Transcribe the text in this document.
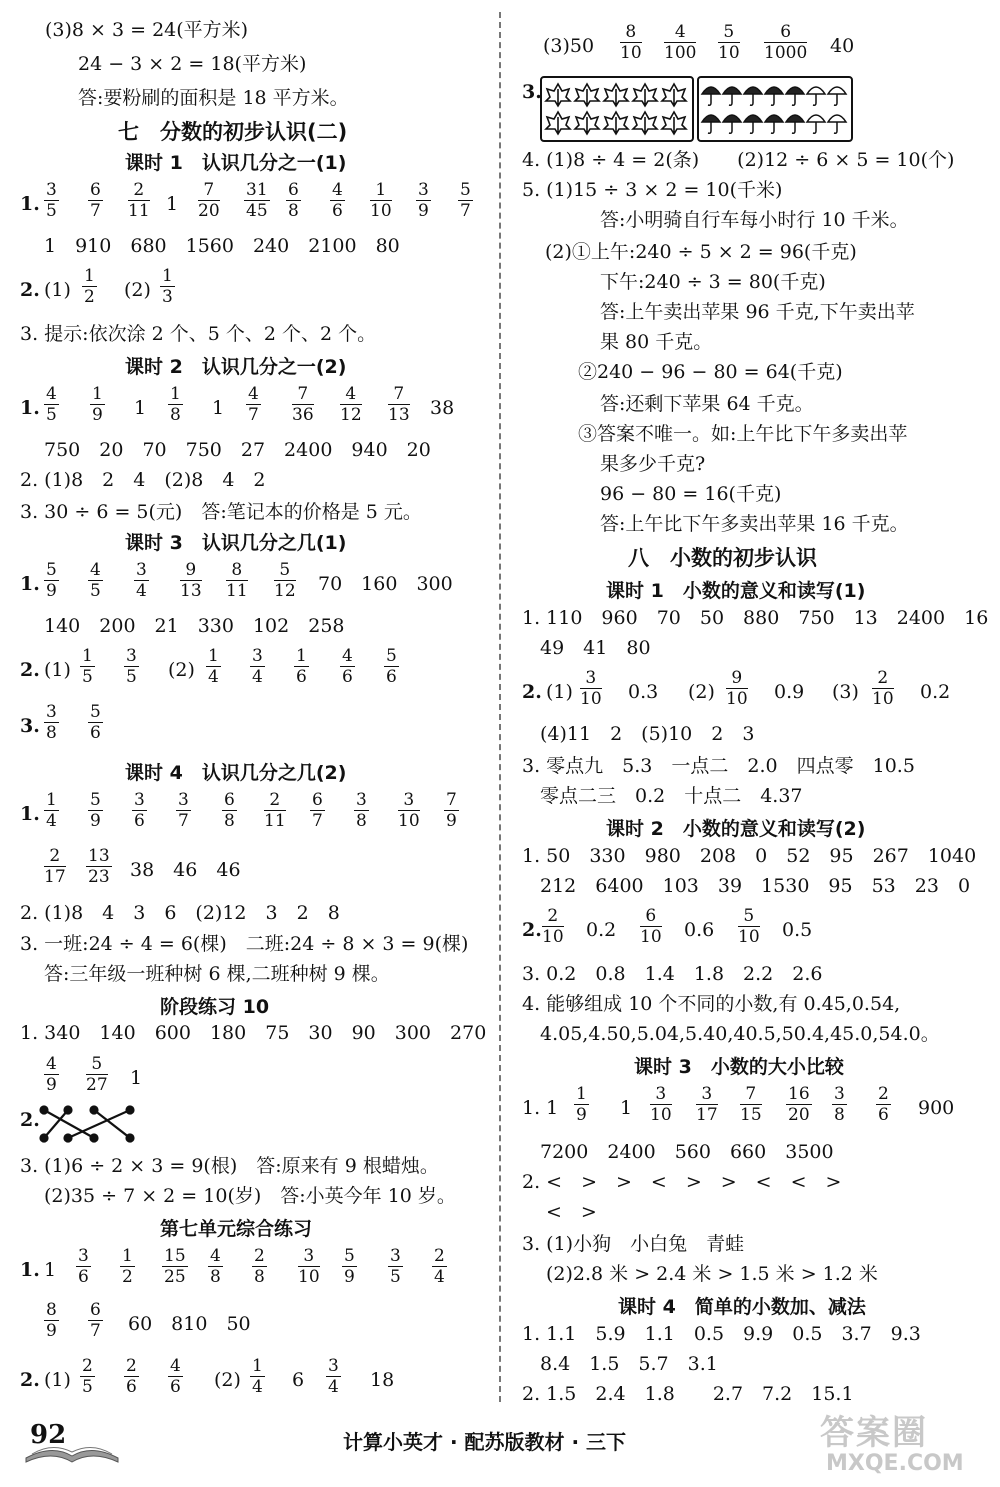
(3)8 × 3 = 24(平方米)
24 − 3 × 2 = 18(平方米)
答:要粉刷的面积是 18 平方米。
七　分数的初步认识(二)
课时 1　认识几分之一(1)
1. $\frac{3}{5} \frac{6}{7} \frac{2}{11}$	$\frac{7}{20} \frac{31}{45} \frac{6}{8} \frac{4}{6} \frac{1}{10} \frac{3}{9} \frac{5}{7}$
1
1　910　680　1560　240　2100　80
2. (1)	(2)
$\frac{1}{2}$	$\frac{1}{3}$
3. 提示:依次涂 2 个、5 个、2 个、2 个。
课时 2　认识几分之一(2)
1. $\frac{4}{5} \frac{1}{9}$	$\frac{1}{8}$	$\frac{4}{7} \frac{7}{36} \frac{4}{12} \frac{7}{13}$
1	1	38
750　20　70　750　27　2400　940　20
2. (1)8　2　4　(2)8　4　2
3. 30 ÷ 6 = 5(元)　答:笔记本的价格是 5 元。
课时 3　认识几分之几(1)
1. $\frac{5}{9} \frac{4}{5} \frac{3}{4} \frac{9}{13} \frac{8}{11} \frac{5}{12} 70$　160　300
140　200　21　330　102　258
2. (1)	(2)
$\frac{1}{5} \frac{3}{5}$	$\frac{1}{4} \frac{3}{4} \frac{1}{6} \frac{4}{6} \frac{5}{6}$
3. $\frac{3}{8} \frac{5}{6}$
课时 4　认识几分之几(2)
1. $\frac{1}{4} \frac{5}{9} \frac{3}{6} \frac{3}{7} \frac{6}{8} \frac{2}{11} \frac{6}{7} \frac{3}{8} \frac{3}{10} \frac{7}{9}$
$\frac{2}{17} \frac{13}{23} 38$　46　46
2. (1)8　4　3　6　(2)12　3　2　8
3. 一班:24 ÷ 4 = 6(棵)　二班:24 ÷ 8 × 3 = 9(棵)
答:三年级一班种树 6 棵,二班种树 9 棵。
阶段练习 10
1. 340　140　600　180　75　30　90　300　270
$\frac{4}{9} \frac{5}{27} 1$
2.
3. (1)6 ÷ 2 × 3 = 9(根)　答:原来有 9 根蜡烛。
(2)35 ÷ 7 × 2 = 10(岁)　答:小英今年 10 岁。
第七单元综合练习
1. $1 \frac{3}{6} \frac{1}{2} \frac{15}{25} \frac{4}{8} \frac{2}{8} \frac{3}{10} \frac{5}{9} \frac{3}{5} \frac{2}{4}$
$\frac{8}{9} \frac{6}{7} 60$　810　50
2. (1)	(2)
$\frac{2}{5} \frac{2}{6} \frac{4}{6}$	$\frac{1}{4}$	$\frac{3}{4}$
6	18
$(3)50 \frac{8}{10} \frac{4}{100} \frac{5}{10} \frac{6}{1000} 40$
3.
4. (1)8 ÷ 4 = 2(条)　　(2)12 ÷ 6 × 5 = 10(个)
5. (1)15 ÷ 3 × 2 = 10(千米)
答:小明骑自行车每小时行 10 千米。
(2)①上午:240 ÷ 5 × 2 = 96(千克)
下午:240 ÷ 3 = 80(千克)
答:上午卖出苹果 96 千克,下午卖出苹
果 80 千克。
②240 − 96 − 80 = 64(千克)
答:还剩下苹果 64 千克。
③答案不唯一。如:上午比下午多卖出苹
果多少千克?
96 − 80 = 16(千克)
答:上午比下午多卖出苹果 16 千克。
八　小数的初步认识
课时 1　小数的意义和读写(1)
1. 110　960　70　50　880　750　13　2400　16
49　41　80
2. (1)	(2)	(3)
$\frac{3}{10}$	$\frac{9}{10}$	$\frac{2}{10}$
0.3	0.9	0.2
(4)11　2　(5)10　2　3
3. 零点九　5.3　一点二　2.0　四点零　10.5
零点二三　0.2　十点二　4.37
课时 2　小数的意义和读写(2)
1. 50　330　980　208　0　52　95　267　1040
212　6400　103　39　1530　95　53　23　0
2. $\frac{2}{10}$	$\frac{6}{10}$	$\frac{5}{10}$
0.2	0.6	0.5
3. 0.2　0.8　1.4　1.8　2.2　2.6
4. 能够组成 10 个不同的小数,有 0.45,0.54,
4.05,4.50,5.04,5.40,40.5,50.4,45.0,54.0。
课时 3　小数的大小比较
1. $1 \frac{1}{9}$	$\frac{3}{10} \frac{3}{17} \frac{7}{15} \frac{16}{20} \frac{3}{8} \frac{2}{6}$
1	900
7200　2400　560　660　3500
2. <　>　>　<　>　>　<　<　>
<　>
3. (1)小狗　小白兔　青蛙
(2)2.8 米 > 2.4 米 > 1.5 米 > 1.2 米
课时 4　简单的小数加、减法
1. 1.1　5.9　1.1　0.5　9.9　0.5　3.7　9.3
8.4　1.5　5.7　3.1
2. 1.5　2.4　1.8　　2.7　7.2　15.1
92	计算小英才 · 配苏版教材 · 三下	答案圈
MXQE.COM
